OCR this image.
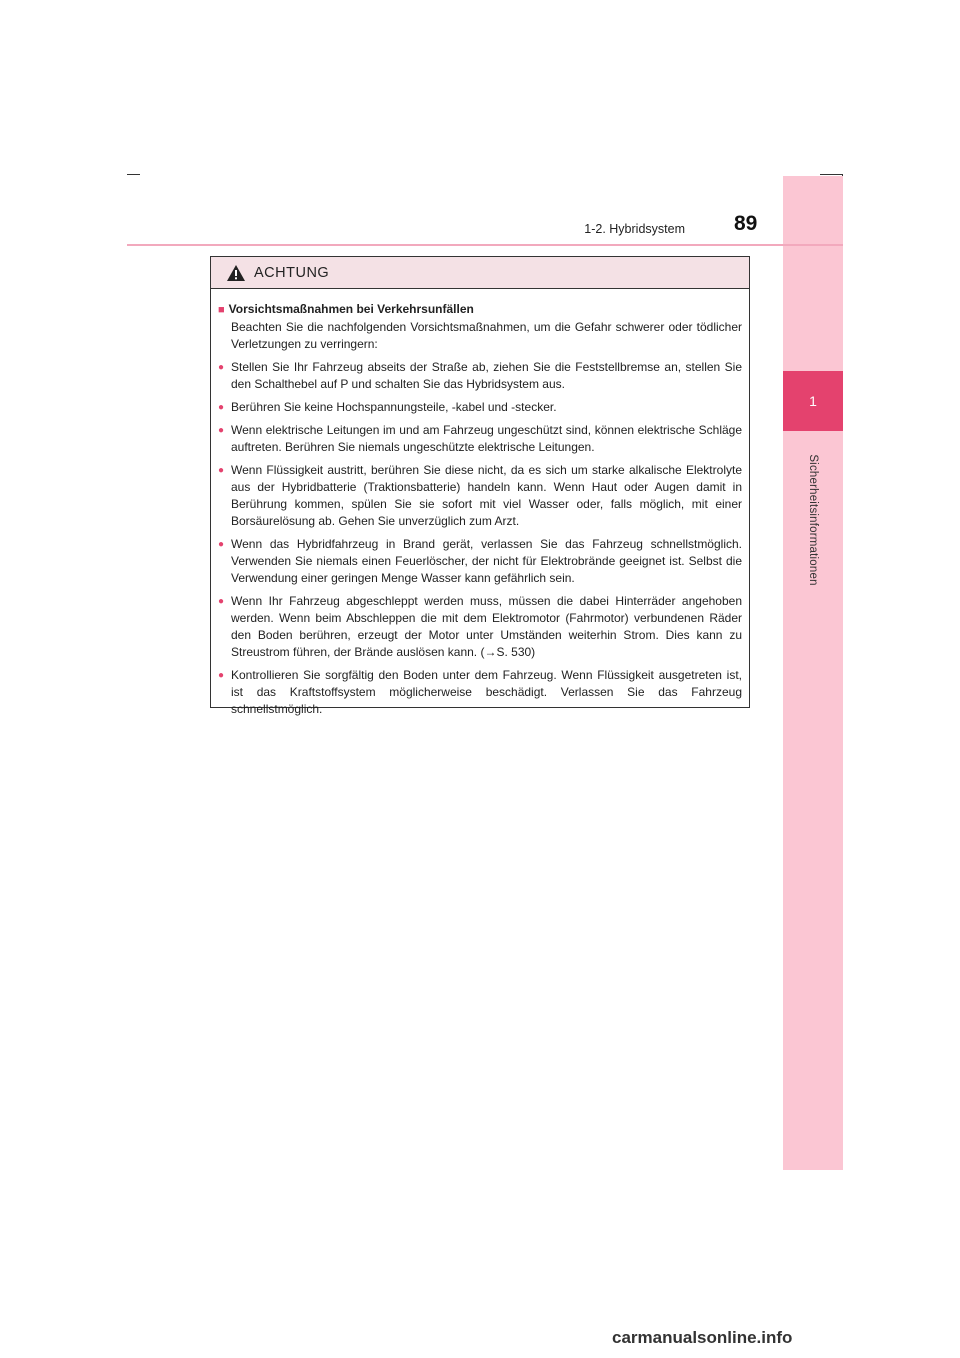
1
Sicherheitsinformationen
1-2. Hybridsystem 89
ACHTUNG
■ Vorsichtsmaßnahmen bei Verkehrsunfällen
Beachten Sie die nachfolgenden Vorsichtsmaßnahmen, um die Gefahr schwerer oder tödlicher Verletzungen zu verringern:
● Stellen Sie Ihr Fahrzeug abseits der Straße ab, ziehen Sie die Feststellbremse an, stellen Sie den Schalthebel auf P und schalten Sie das Hybridsystem aus.
● Berühren Sie keine Hochspannungsteile, -kabel und -stecker.
● Wenn elektrische Leitungen im und am Fahrzeug ungeschützt sind, können elektrische Schläge auftreten. Berühren Sie niemals ungeschützte elektrische Leitungen.
● Wenn Flüssigkeit austritt, berühren Sie diese nicht, da es sich um starke alkalische Elektrolyte aus der Hybridbatterie (Traktionsbatterie) handeln kann. Wenn Haut oder Augen damit in Berührung kommen, spülen Sie sie sofort mit viel Wasser oder, falls möglich, mit einer Borsäurelösung ab. Gehen Sie unverzüglich zum Arzt.
● Wenn das Hybridfahrzeug in Brand gerät, verlassen Sie das Fahrzeug schnellstmöglich. Verwenden Sie niemals einen Feuerlöscher, der nicht für Elektrobrände geeignet ist. Selbst die Verwendung einer geringen Menge Wasser kann gefährlich sein.
● Wenn Ihr Fahrzeug abgeschleppt werden muss, müssen die dabei Hinterräder angehoben werden. Wenn beim Abschleppen die mit dem Elektromotor (Fahrmotor) verbundenen Räder den Boden berühren, erzeugt der Motor unter Umständen weiterhin Strom. Dies kann zu Streustrom führen, der Brände auslösen kann. (→S. 530)
● Kontrollieren Sie sorgfältig den Boden unter dem Fahrzeug. Wenn Flüssigkeit ausgetreten ist, ist das Kraftstoffsystem möglicherweise beschädigt. Verlassen Sie das Fahrzeug schnellstmöglich.
carmanualsonline.info
